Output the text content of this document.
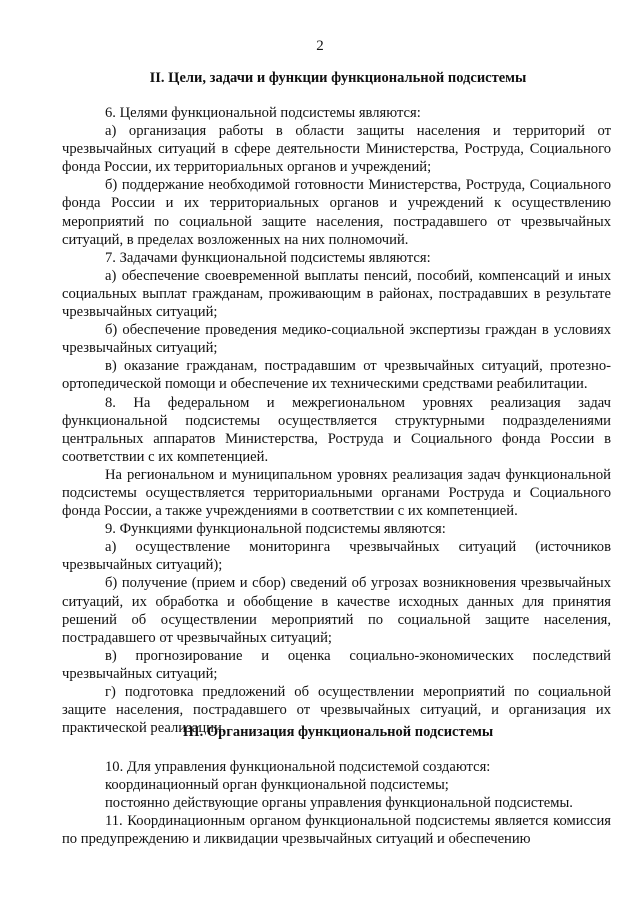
2
II. Цели, задачи и функции функциональной подсистемы

6. Целями функциональной подсистемы являются:

а) организация работы в области защиты населения и территорий от чрезвычайных ситуаций в сфере деятельности Министерства, Роструда, Социального фонда России, их территориальных органов и учреждений;

б) поддержание необходимой готовности Министерства, Роструда, Социального фонда России и их территориальных органов и учреждений к осуществлению мероприятий по социальной защите населения, пострадавшего от чрезвычайных ситуаций, в пределах возложенных на них полномочий.

7. Задачами функциональной подсистемы являются:

а) обеспечение своевременной выплаты пенсий, пособий, компенсаций и иных социальных выплат гражданам, проживающим в районах, пострадавших в результате чрезвычайных ситуаций;

б) обеспечение проведения медико-социальной экспертизы граждан в условиях чрезвычайных ситуаций;

в) оказание гражданам, пострадавшим от чрезвычайных ситуаций, протезно-ортопедической помощи и обеспечение их техническими средствами реабилитации.

8. На федеральном и межрегиональном уровнях реализация задач функциональной подсистемы осуществляется структурными подразделениями центральных аппаратов Министерства, Роструда и Социального фонда России в соответствии с их компетенцией.

На региональном и муниципальном уровнях реализация задач функциональной подсистемы осуществляется территориальными органами Роструда и Социального фонда России, а также учреждениями в соответствии с их компетенцией.

9. Функциями функциональной подсистемы являются:

а) осуществление мониторинга чрезвычайных ситуаций (источников чрезвычайных ситуаций);

б) получение (прием и сбор) сведений об угрозах возникновения чрезвычайных ситуаций, их обработка и обобщение в качестве исходных данных для принятия решений об осуществлении мероприятий по социальной защите населения, пострадавшего от чрезвычайных ситуаций;

в) прогнозирование и оценка социально-экономических последствий чрезвычайных ситуаций;

г) подготовка предложений об осуществлении мероприятий по социальной защите населения, пострадавшего от чрезвычайных ситуаций, и организация их практической реализации.

III. Организация функциональной подсистемы

10. Для управления функциональной подсистемой создаются:

координационный орган функциональной подсистемы;

постоянно действующие органы управления функциональной подсистемы.

11. Координационным органом функциональной подсистемы является комиссия по предупреждению и ликвидации чрезвычайных ситуаций и обеспечению
